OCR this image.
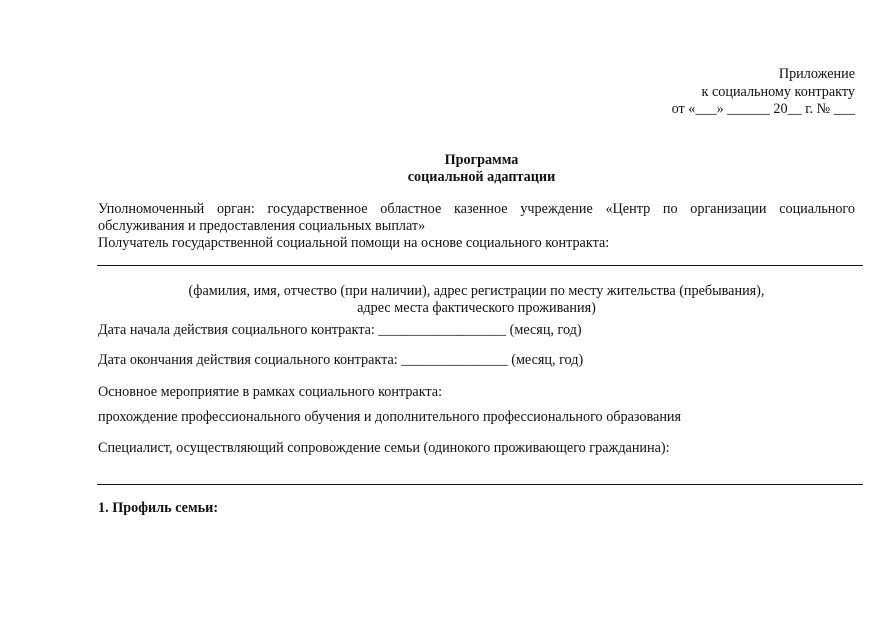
Приложение
к социальному контракту
от «___» ______ 20__ г. № ___
Программа
социальной адаптации
Уполномоченный орган: государственное областное казенное учреждение «Центр по организации социального обслуживания и предоставления социальных выплат»
Получатель государственной социальной помощи на основе социального контракта:
(фамилия, имя, отчество (при наличии), адрес регистрации по месту жительства (пребывания),
адрес места фактического проживания)
Дата начала действия социального контракта: __________________ (месяц, год)
Дата окончания действия социального контракта: _______________ (месяц, год)
Основное мероприятие в рамках социального контракта:
прохождение профессионального обучения и дополнительного профессионального образования
Специалист, осуществляющий сопровождение семьи (одинокого проживающего гражданина):
1. Профиль семьи:
